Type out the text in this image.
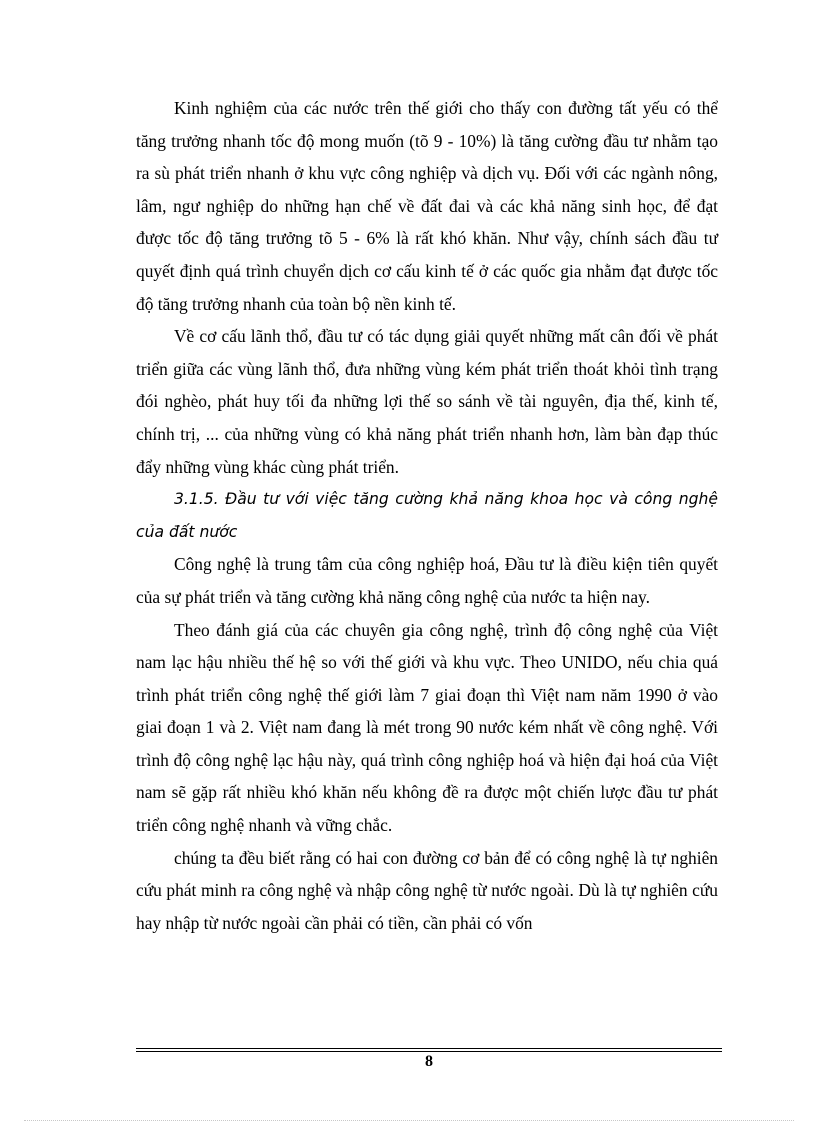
Kinh nghiệm của các nước trên thế giới cho thấy con đường tất yếu có thể tăng trưởng nhanh tốc độ mong muốn (tõ 9 - 10%) là tăng cường đầu tư nhằm tạo ra sù phát triển nhanh ở khu vực công nghiệp và dịch vụ. Đối với các ngành nông, lâm, ngư nghiệp do những hạn chế về đất đai và các khả năng sinh học, để đạt được tốc độ tăng trưởng tõ 5 - 6% là rất khó khăn. Như vậy, chính sách đầu tư quyết định quá trình chuyển dịch cơ cấu kinh tế ở các quốc gia nhằm đạt được tốc độ tăng trưởng nhanh của toàn bộ nền kinh tế.

Về cơ cấu lãnh thổ, đầu tư có tác dụng giải quyết những mất cân đối về phát triển giữa các vùng lãnh thổ, đưa những vùng kém phát triển thoát khỏi tình trạng đói nghèo, phát huy tối đa những lợi thế so sánh về tài nguyên, địa thế, kinh tế, chính trị, ... của những vùng có khả năng phát triển nhanh hơn, làm bàn đạp thúc đẩy những vùng khác cùng phát triển.

3.1.5. Đầu tư với việc tăng cường khả năng khoa học và công nghệ của đất nước

Công nghệ là trung tâm của công nghiệp hoá, Đầu tư là điều kiện tiên quyết của sự phát triển và tăng cường khả năng công nghệ của nước ta hiện nay.

Theo đánh giá của các chuyên gia công nghệ, trình độ công nghệ của Việt nam lạc hậu nhiều thế hệ so với thế giới và khu vực. Theo UNIDO, nếu chia quá trình phát triển công nghệ thế giới làm 7 giai đoạn thì Việt nam năm 1990 ở vào giai đoạn 1 và 2. Việt nam đang là mét trong 90 nước kém nhất về công nghệ. Với trình độ công nghệ lạc hậu này, quá trình công nghiệp hoá và hiện đại hoá của Việt nam sẽ gặp rất nhiều khó khăn nếu không đề ra được một chiến lược đầu tư phát triển công nghệ nhanh và vững chắc.

chúng ta đều biết rằng có hai con đường cơ bản để có công nghệ là tự nghiên cứu phát minh ra công nghệ và nhập công nghệ từ nước ngoài. Dù là tự nghiên cứu hay nhập từ nước ngoài cần phải có tiền, cần phải có vốn

8
